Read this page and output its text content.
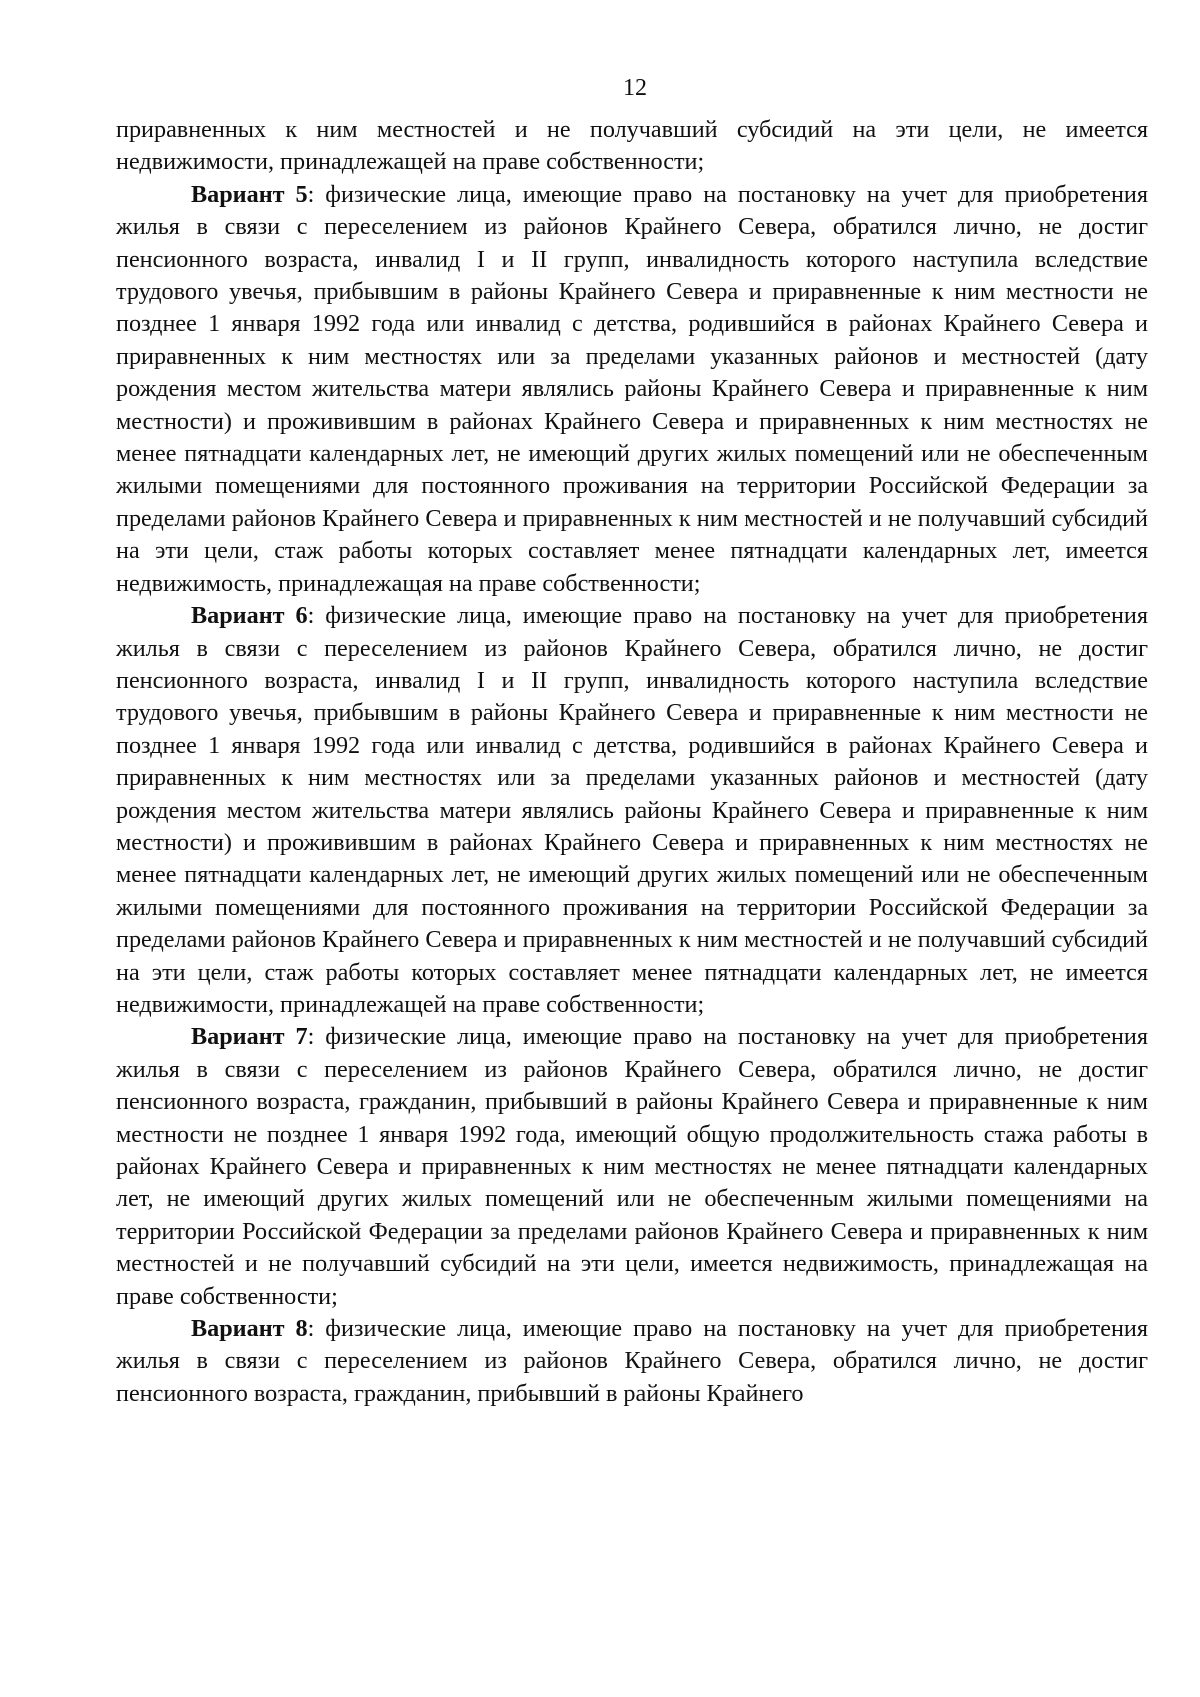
12

приравненных к ним местностей и не получавший субсидий на эти цели, не имеется недвижимости, принадлежащей на праве собственности;

Вариант 5: физические лица, имеющие право на постановку на учет для приобретения жилья в связи с переселением из районов Крайнего Севера, обратился лично, не достиг пенсионного возраста, инвалид I и II групп, инвалидность которого наступила вследствие трудового увечья, прибывшим в районы Крайнего Севера и приравненные к ним местности не позднее 1 января 1992 года или инвалид с детства, родившийся в районах Крайнего Севера и приравненных к ним местностях или за пределами указанных районов и местностей (дату рождения местом жительства матери являлись районы Крайнего Севера и приравненные к ним местности) и проживившим в районах Крайнего Севера и приравненных к ним местностях не менее пятнадцати календарных лет, не имеющий других жилых помещений или не обеспеченным жилыми помещениями для постоянного проживания на территории Российской Федерации за пределами районов Крайнего Севера и приравненных к ним местностей и не получавший субсидий на эти цели, стаж работы которых составляет менее пятнадцати календарных лет, имеется недвижимость, принадлежащая на праве собственности;

Вариант 6: физические лица, имеющие право на постановку на учет для приобретения жилья в связи с переселением из районов Крайнего Севера, обратился лично, не достиг пенсионного возраста, инвалид I и II групп, инвалидность которого наступила вследствие трудового увечья, прибывшим в районы Крайнего Севера и приравненные к ним местности не позднее 1 января 1992 года или инвалид с детства, родившийся в районах Крайнего Севера и приравненных к ним местностях или за пределами указанных районов и местностей (дату рождения местом жительства матери являлись районы Крайнего Севера и приравненные к ним местности) и проживившим в районах Крайнего Севера и приравненных к ним местностях не менее пятнадцати календарных лет, не имеющий других жилых помещений или не обеспеченным жилыми помещениями для постоянного проживания на территории Российской Федерации за пределами районов Крайнего Севера и приравненных к ним местностей и не получавший субсидий на эти цели, стаж работы которых составляет менее пятнадцати календарных лет, не имеется недвижимости, принадлежащей на праве собственности;

Вариант 7: физические лица, имеющие право на постановку на учет для приобретения жилья в связи с переселением из районов Крайнего Севера, обратился лично, не достиг пенсионного возраста, гражданин, прибывший в районы Крайнего Севера и приравненные к ним местности не позднее 1 января 1992 года, имеющий общую продолжительность стажа работы в районах Крайнего Севера и приравненных к ним местностях не менее пятнадцати календарных лет, не имеющий других жилых помещений или не обеспеченным жилыми помещениями на территории Российской Федерации за пределами районов Крайнего Севера и приравненных к ним местностей и не получавший субсидий на эти цели, имеется недвижимость, принадлежащая на праве собственности;

Вариант 8: физические лица, имеющие право на постановку на учет для приобретения жилья в связи с переселением из районов Крайнего Севера, обратился лично, не достиг пенсионного возраста, гражданин, прибывший в районы Крайнего
